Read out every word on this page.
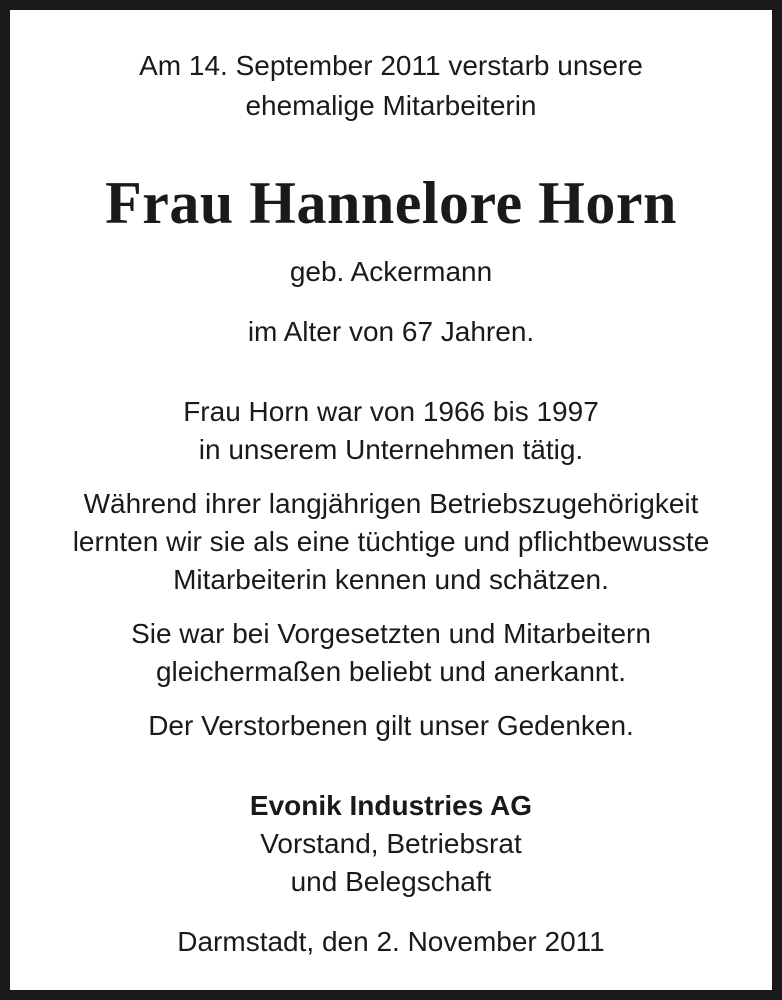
Am 14. September 2011 verstarb unsere
ehemalige Mitarbeiterin
Frau Hannelore Horn
geb. Ackermann
im Alter von 67 Jahren.
Frau Horn war von 1966 bis 1997
in unserem Unternehmen tätig.
Während ihrer langjährigen Betriebszugehörigkeit
lernten wir sie als eine tüchtige und pflichtbewusste
Mitarbeiterin kennen und schätzen.
Sie war bei Vorgesetzten und Mitarbeitern
gleichermaßen beliebt und anerkannt.
Der Verstorbenen gilt unser Gedenken.
Evonik Industries AG
Vorstand, Betriebsrat
und Belegschaft
Darmstadt, den 2. November 2011
